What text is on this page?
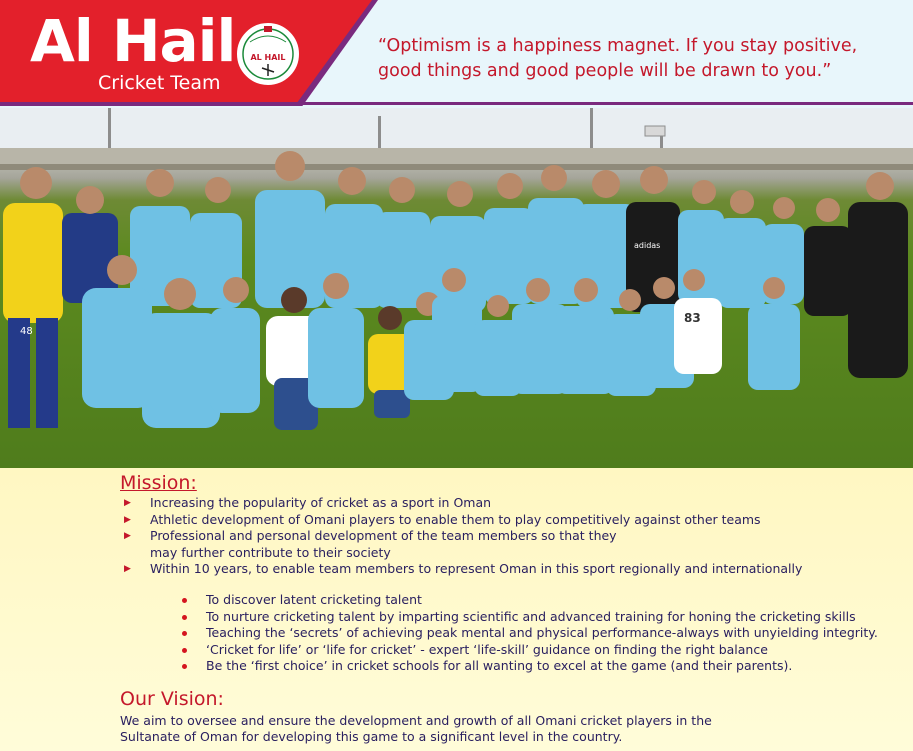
Al Hail
Cricket Team
AL HAIL
“Optimism is a happiness magnet. If you stay positive, good things and good people will be drawn to you.”
48
83
adidas
Mission:
▶ Increasing the popularity of cricket as a sport in Oman
▶ Athletic development of Omani players to enable them to play competitively against other teams
▶ Professional and personal development of the team members so that they
may further contribute to their society
▶ Within 10 years, to enable team members to represent Oman in this sport regionally and internationally
To discover latent cricketing talent
To nurture cricketing talent by imparting scientific and advanced training for honing the cricketing skills
Teaching the ‘secrets’ of achieving peak mental and physical performance-always with unyielding integrity.
‘Cricket for life’ or ‘life for cricket’ - expert ‘life-skill’ guidance on finding the right balance
Be the ‘first choice’ in cricket schools for all wanting to excel at the game (and their parents).
Our Vision:
We aim to oversee and ensure the development and growth of all Omani cricket players in the
Sultanate of Oman for developing this game to a significant level in the country.
